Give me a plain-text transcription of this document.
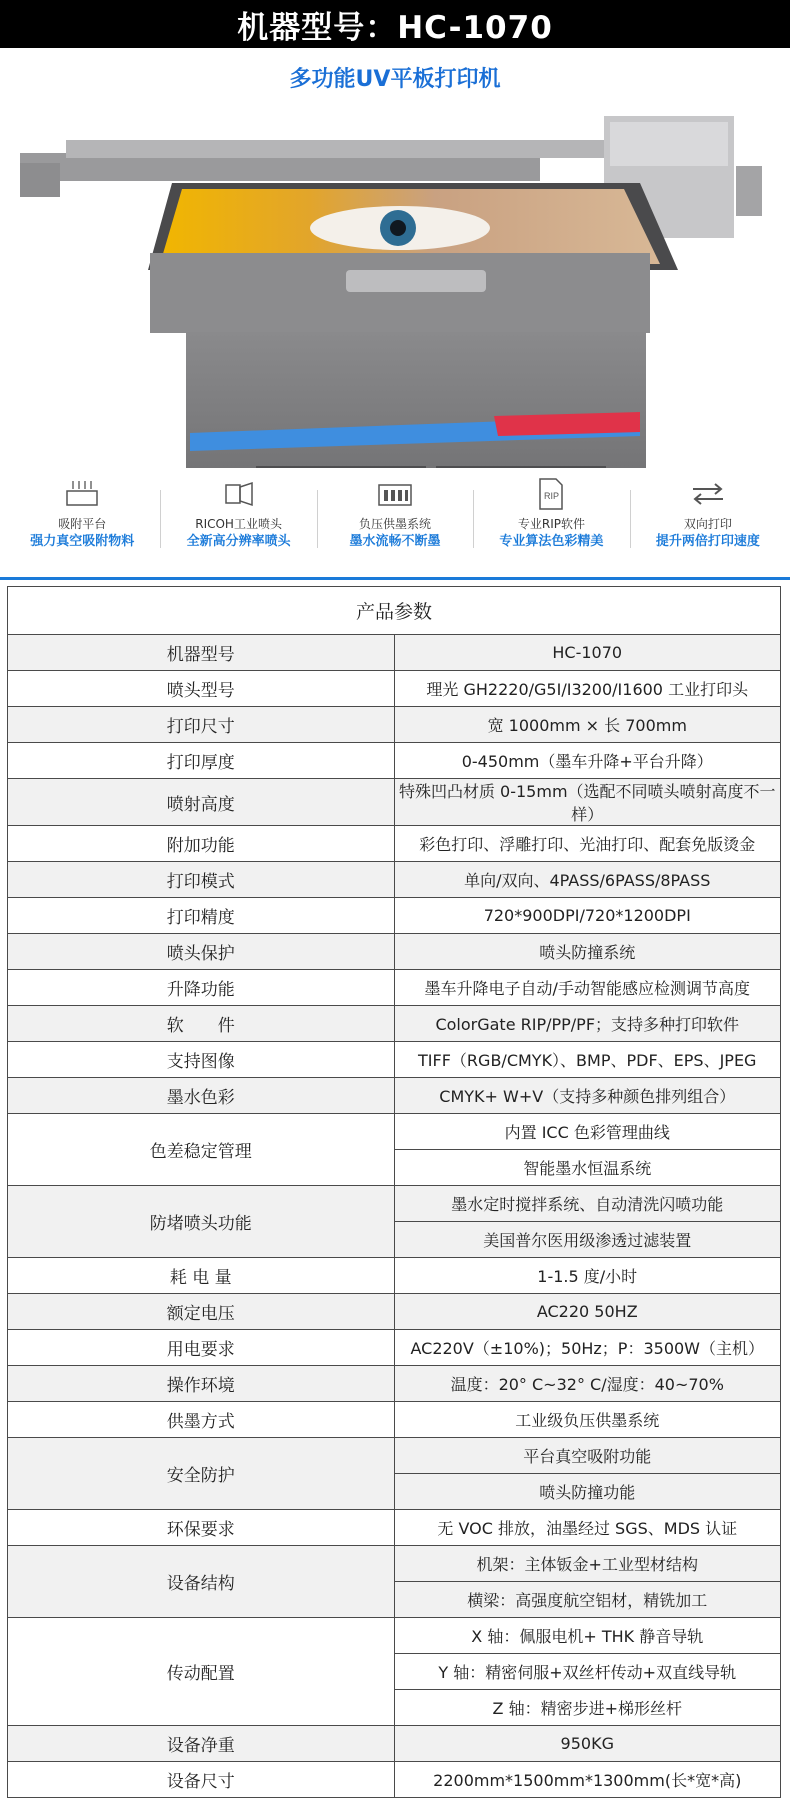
机器型号：HC-1070
多功能UV平板打印机
吸附平台
强力真空吸附物料
RICOH工业喷头
全新高分辨率喷头
负压供墨系统
墨水流畅不断墨
RIP
专业RIP软件
专业算法色彩精美
双向打印
提升两倍打印速度
产品参数	
机器型号	HC-1070
喷头型号	理光 GH2220/G5I/I3200/I1600 工业打印头
打印尺寸	宽 1000mm × 长 700mm
打印厚度	0-450mm（墨车升降+平台升降）
喷射高度	特殊凹凸材质 0-15mm（选配不同喷头喷射高度不一样）
附加功能	彩色打印、浮雕打印、光油打印、配套免版烫金
打印模式	单向/双向、4PASS/6PASS/8PASS
打印精度	720*900DPI/720*1200DPI
喷头保护	喷头防撞系统
升降功能	墨车升降电子自动/手动智能感应检测调节高度
软　　件	ColorGate RIP/PP/PF；支持多种打印软件
支持图像	TIFF（RGB/CMYK）、BMP、PDF、EPS、JPEG
墨水色彩	CMYK+ W+V（支持多种颜色排列组合）
色差稳定管理	内置 ICC 色彩管理曲线
	智能墨水恒温系统
防堵喷头功能	墨水定时搅拌系统、自动清洗闪喷功能
	美国普尔医用级渗透过滤装置
耗 电 量	1-1.5 度/小时
额定电压	AC220 50HZ
用电要求	AC220V（±10%)；50Hz；P：3500W（主机）
操作环境	温度：20° C~32° C/湿度：40~70%
供墨方式	工业级负压供墨系统
安全防护	平台真空吸附功能
	喷头防撞功能
环保要求	无 VOC 排放，油墨经过 SGS、MDS 认证
设备结构	机架：主体钣金+工业型材结构
	横梁：高强度航空铝材，精铣加工
传动配置	X 轴：佩服电机+ THK 静音导轨
	Y 轴：精密伺服+双丝杆传动+双直线导轨
	Z 轴：精密步进+梯形丝杆
设备净重	950KG
设备尺寸	2200mm*1500mm*1300mm(长*宽*高)
